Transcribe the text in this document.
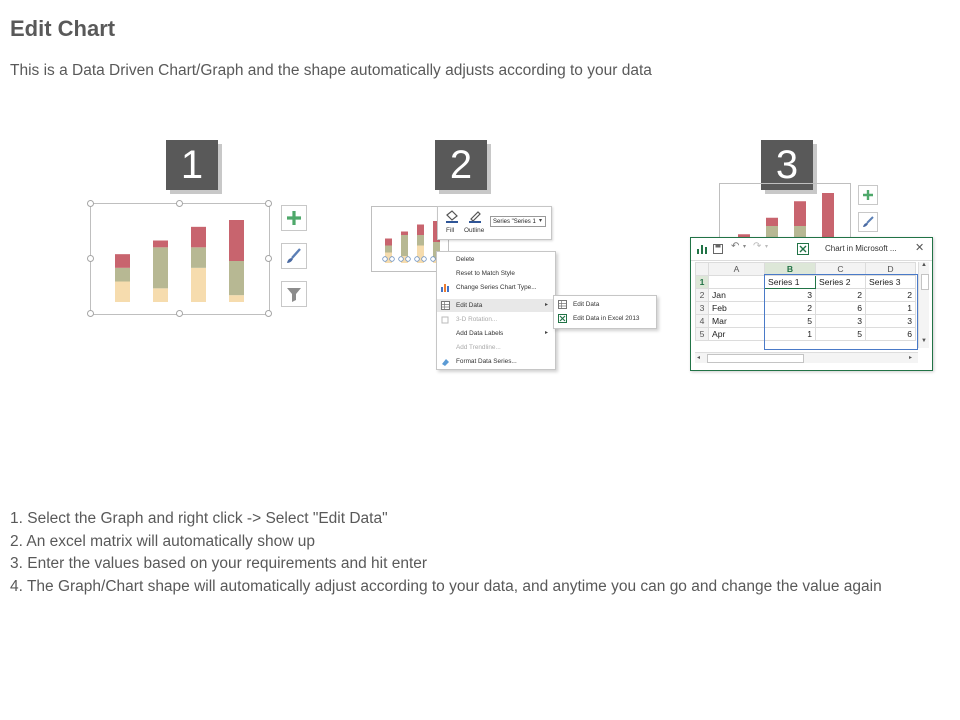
Edit Chart
This is a Data Driven Chart/Graph and the shape automatically adjusts according to your data
1	2
Fill Outline
Series "Series 1 ▾
Delete
Reset to Match Style
Change Series Chart Type...
Edit Data	▸
3-D Rotation...
Add Data Labels	▸
Add Trendline...
Format Data Series...
Edit Data
Edit Data in Excel 2013
3
↶ ▾ ↷ ▾	Chart in Microsoft ... ✕
	A	B	C	D
1		Series 1	Series 2	Series 3
2	Jan	3	2	2
3	Feb	2	6	1
4	Mar	5	3	3
5	Apr	1	5	6
▲
▼
◂	▸
1. Select the Graph and right click -> Select "Edit Data"
2. An excel matrix will automatically show up
3. Enter the values based on your requirements and hit enter
4. The Graph/Chart shape will automatically adjust according to your data, and anytime you can go and change the value again
